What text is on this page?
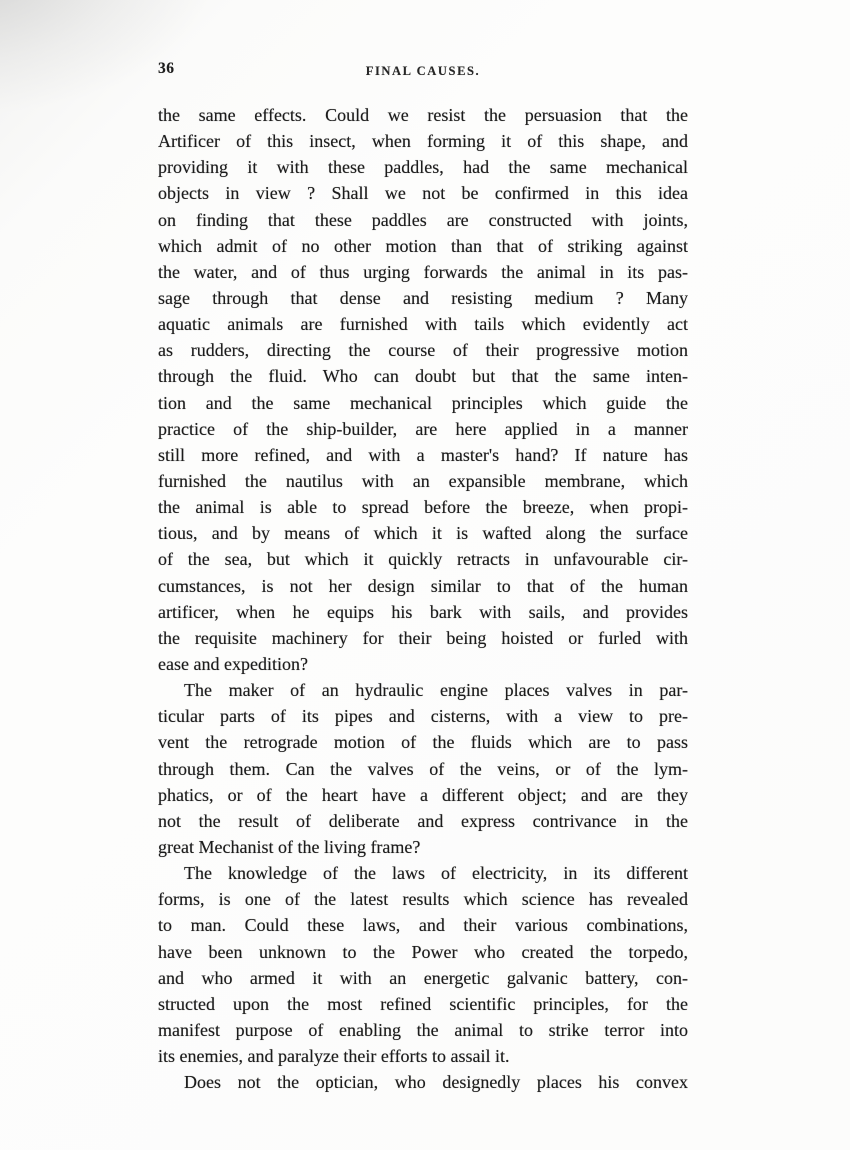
36	FINAL CAUSES.
the same effects. Could we resist the persuasion that the
Artificer of this insect, when forming it of this shape, and
providing it with these paddles, had the same mechanical
objects in view ? Shall we not be confirmed in this idea
on finding that these paddles are constructed with joints,
which admit of no other motion than that of striking against
the water, and of thus urging forwards the animal in its pas-
sage through that dense and resisting medium ? Many
aquatic animals are furnished with tails which evidently act
as rudders, directing the course of their progressive motion
through the fluid. Who can doubt but that the same inten-
tion and the same mechanical principles which guide the
practice of the ship-builder, are here applied in a manner
still more refined, and with a master's hand? If nature has
furnished the nautilus with an expansible membrane, which
the animal is able to spread before the breeze, when propi-
tious, and by means of which it is wafted along the surface
of the sea, but which it quickly retracts in unfavourable cir-
cumstances, is not her design similar to that of the human
artificer, when he equips his bark with sails, and provides
the requisite machinery for their being hoisted or furled with
ease and expedition?
The maker of an hydraulic engine places valves in par-
ticular parts of its pipes and cisterns, with a view to pre-
vent the retrograde motion of the fluids which are to pass
through them. Can the valves of the veins, or of the lym-
phatics, or of the heart have a different object; and are they
not the result of deliberate and express contrivance in the
great Mechanist of the living frame?
The knowledge of the laws of electricity, in its different
forms, is one of the latest results which science has revealed
to man. Could these laws, and their various combinations,
have been unknown to the Power who created the torpedo,
and who armed it with an energetic galvanic battery, con-
structed upon the most refined scientific principles, for the
manifest purpose of enabling the animal to strike terror into
its enemies, and paralyze their efforts to assail it.
Does not the optician, who designedly places his convex
